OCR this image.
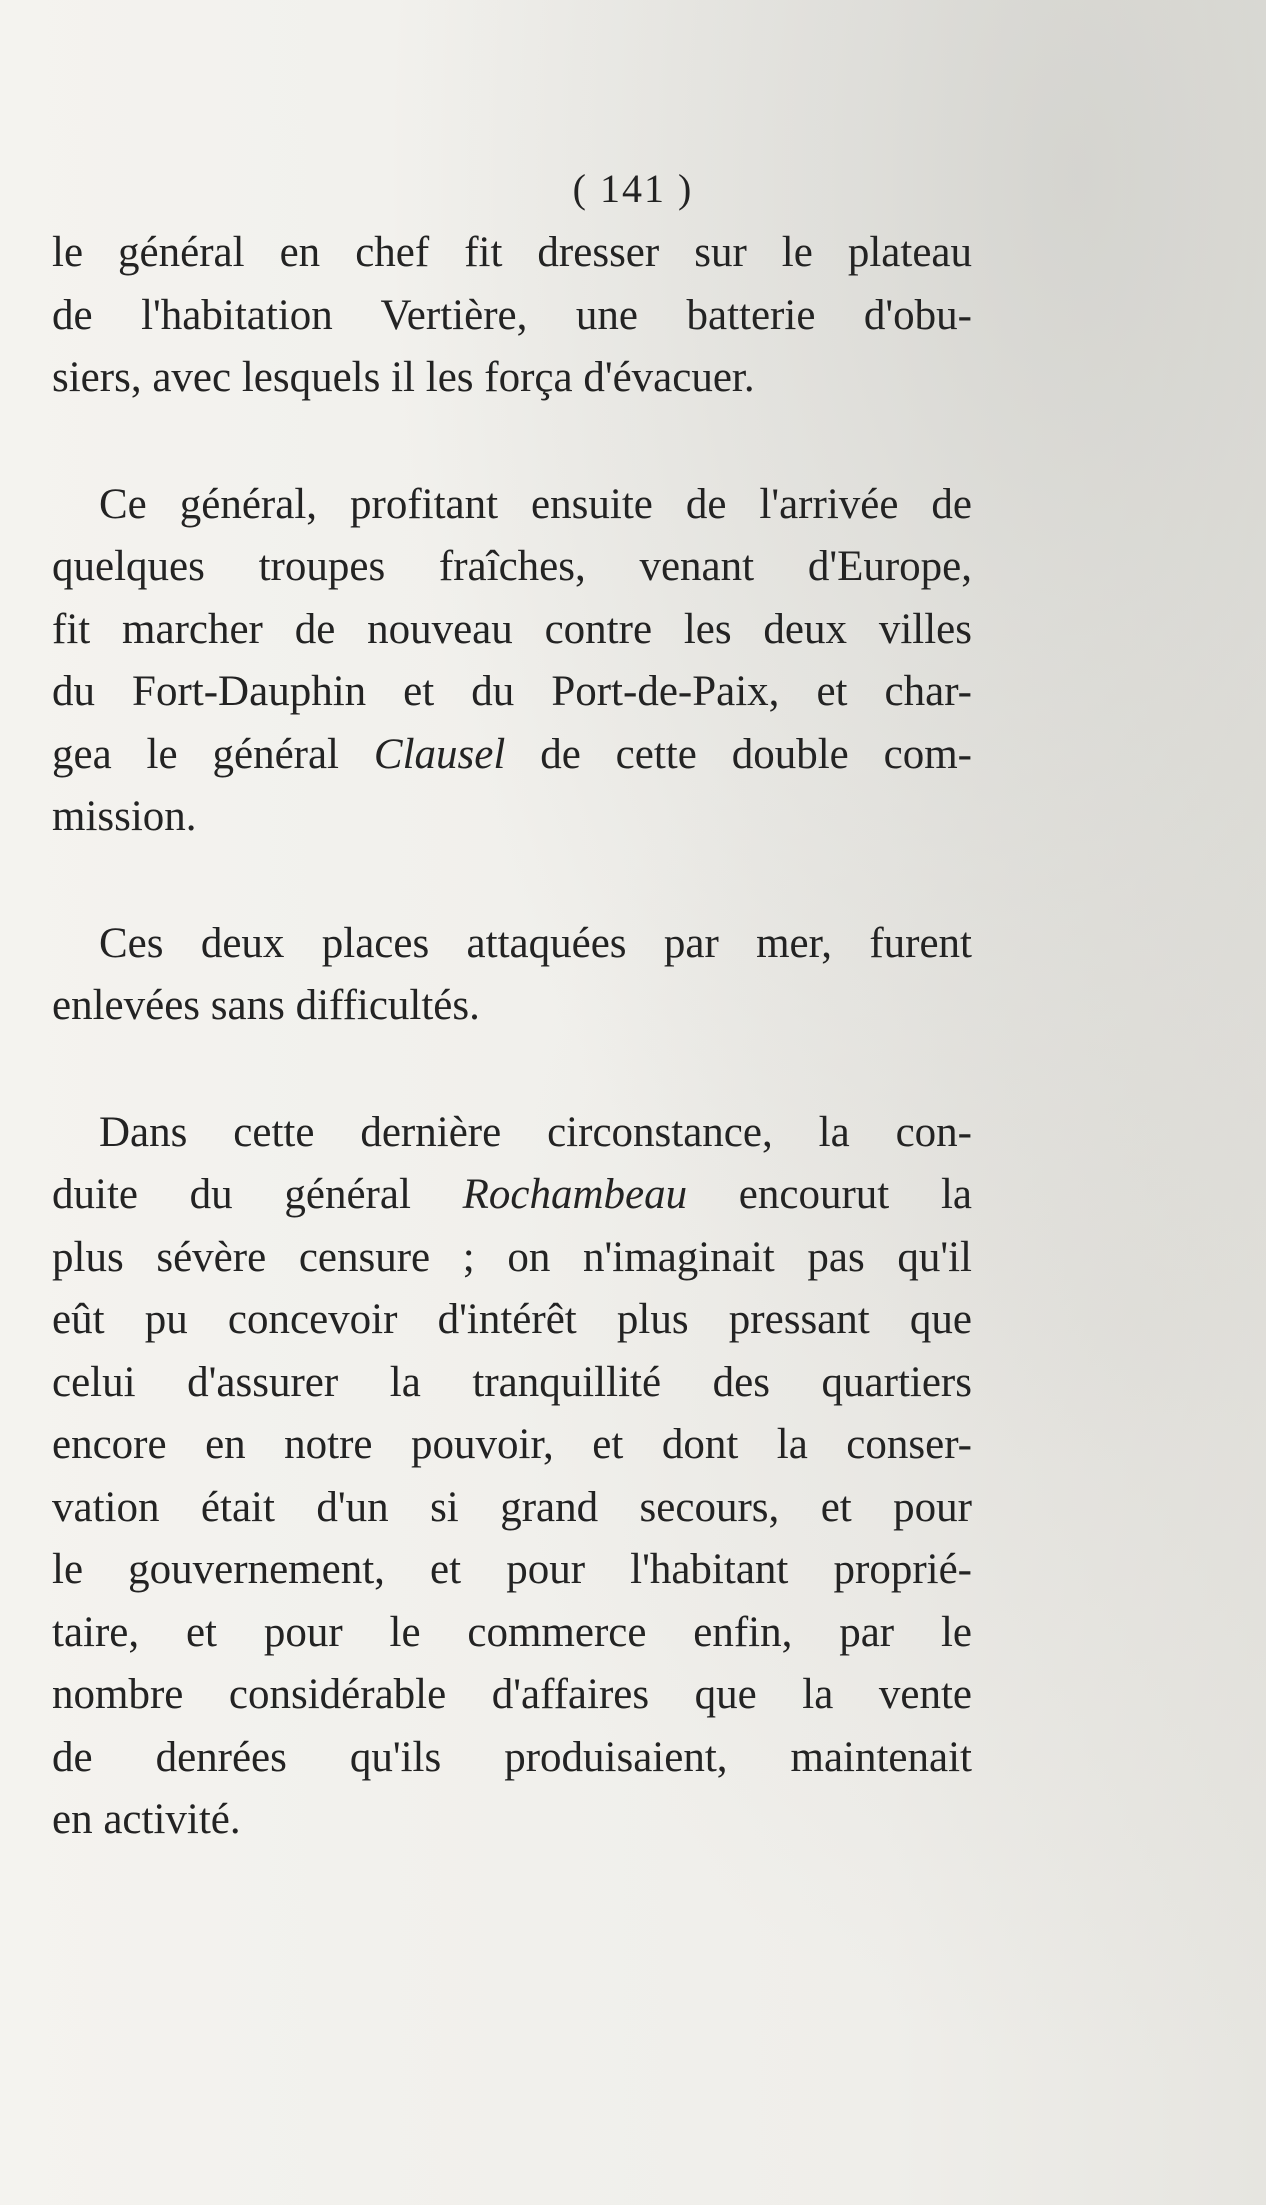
( 141 )
le général en chef fit dresser sur le plateau
de l'habitation Vertière, une batterie d'obu-
siers, avec lesquels il les força d'évacuer.
Ce général, profitant ensuite de l'arrivée de
quelques troupes fraîches, venant d'Europe,
fit marcher de nouveau contre les deux villes
du Fort-Dauphin et du Port-de-Paix, et char-
gea le général Clausel de cette double com-
mission.
Ces deux places attaquées par mer, furent
enlevées sans difficultés.
Dans cette dernière circonstance, la con-
duite du général Rochambeau encourut la
plus sévère censure ; on n'imaginait pas qu'il
eût pu concevoir d'intérêt plus pressant que
celui d'assurer la tranquillité des quartiers
encore en notre pouvoir, et dont la conser-
vation était d'un si grand secours, et pour
le gouvernement, et pour l'habitant proprié-
taire, et pour le commerce enfin, par le
nombre considérable d'affaires que la vente
de denrées qu'ils produisaient, maintenait
en activité.
